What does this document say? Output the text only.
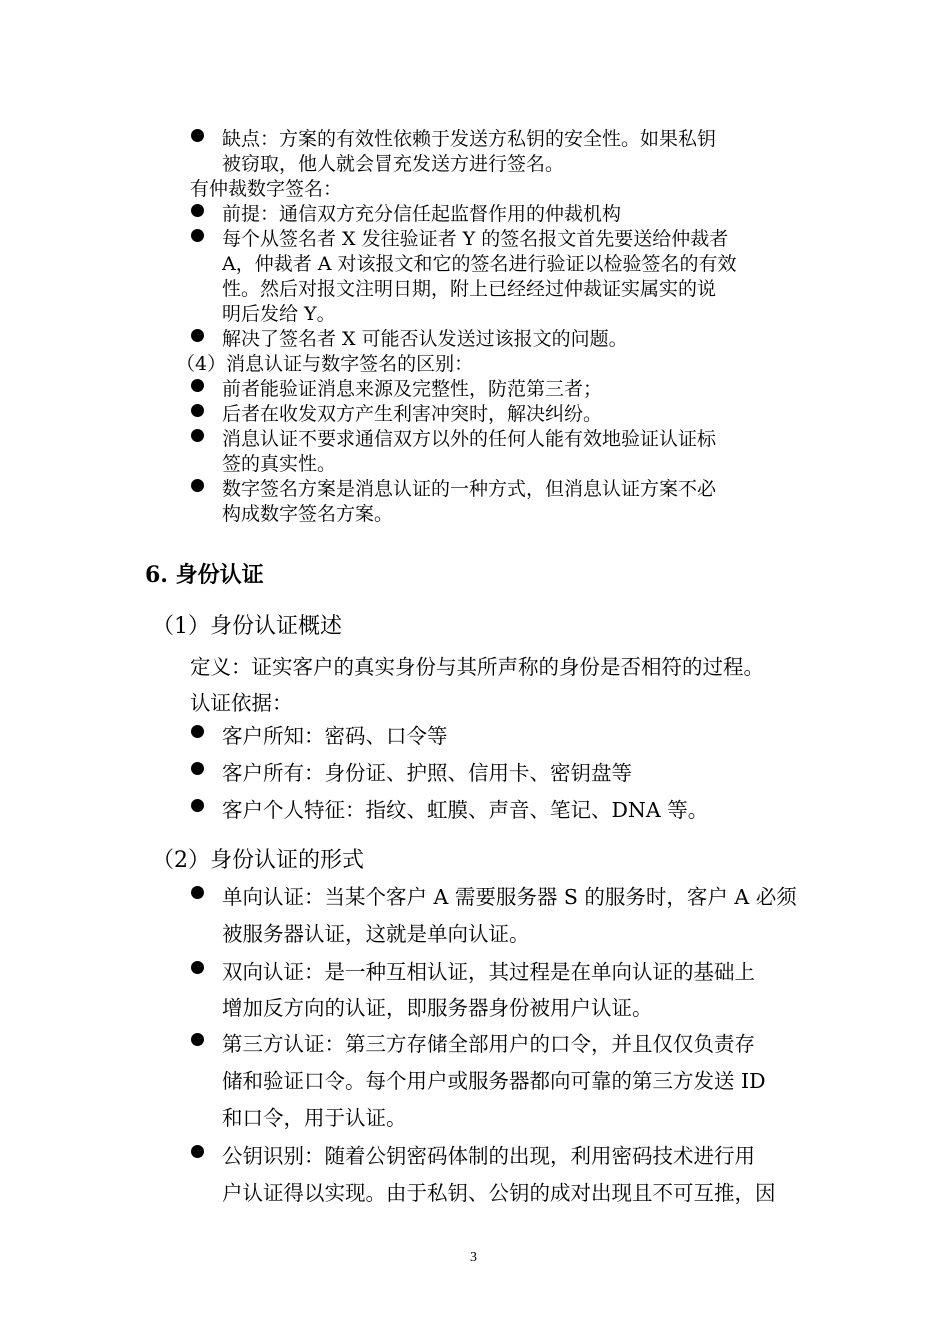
缺点：方案的有效性依赖于发送方私钥的安全性。如果私钥
被窃取，他人就会冒充发送方进行签名。
有仲裁数字签名：
前提：通信双方充分信任起监督作用的仲裁机构
每个从签名者 X 发往验证者 Y 的签名报文首先要送给仲裁者
A，仲裁者 A 对该报文和它的签名进行验证以检验签名的有效
性。然后对报文注明日期，附上已经经过仲裁证实属实的说
明后发给 Y。
解决了签名者 X 可能否认发送过该报文的问题。
（4）消息认证与数字签名的区别：
前者能验证消息来源及完整性，防范第三者；
后者在收发双方产生利害冲突时，解决纠纷。
消息认证不要求通信双方以外的任何人能有效地验证认证标
签的真实性。
数字签名方案是消息认证的一种方式，但消息认证方案不必
构成数字签名方案。
6. 身份认证
（1）身份认证概述
定义：证实客户的真实身份与其所声称的身份是否相符的过程。
认证依据：
客户所知：密码、口令等
客户所有：身份证、护照、信用卡、密钥盘等
客户个人特征：指纹、虹膜、声音、笔记、DNA 等。
（2）身份认证的形式
单向认证：当某个客户 A 需要服务器 S 的服务时，客户 A 必须
被服务器认证，这就是单向认证。
双向认证：是一种互相认证，其过程是在单向认证的基础上
增加反方向的认证，即服务器身份被用户认证。
第三方认证：第三方存储全部用户的口令，并且仅仅负责存
储和验证口令。每个用户或服务器都向可靠的第三方发送 ID
和口令，用于认证。
公钥识别：随着公钥密码体制的出现，利用密码技术进行用
户认证得以实现。由于私钥、公钥的成对出现且不可互推，因
3
